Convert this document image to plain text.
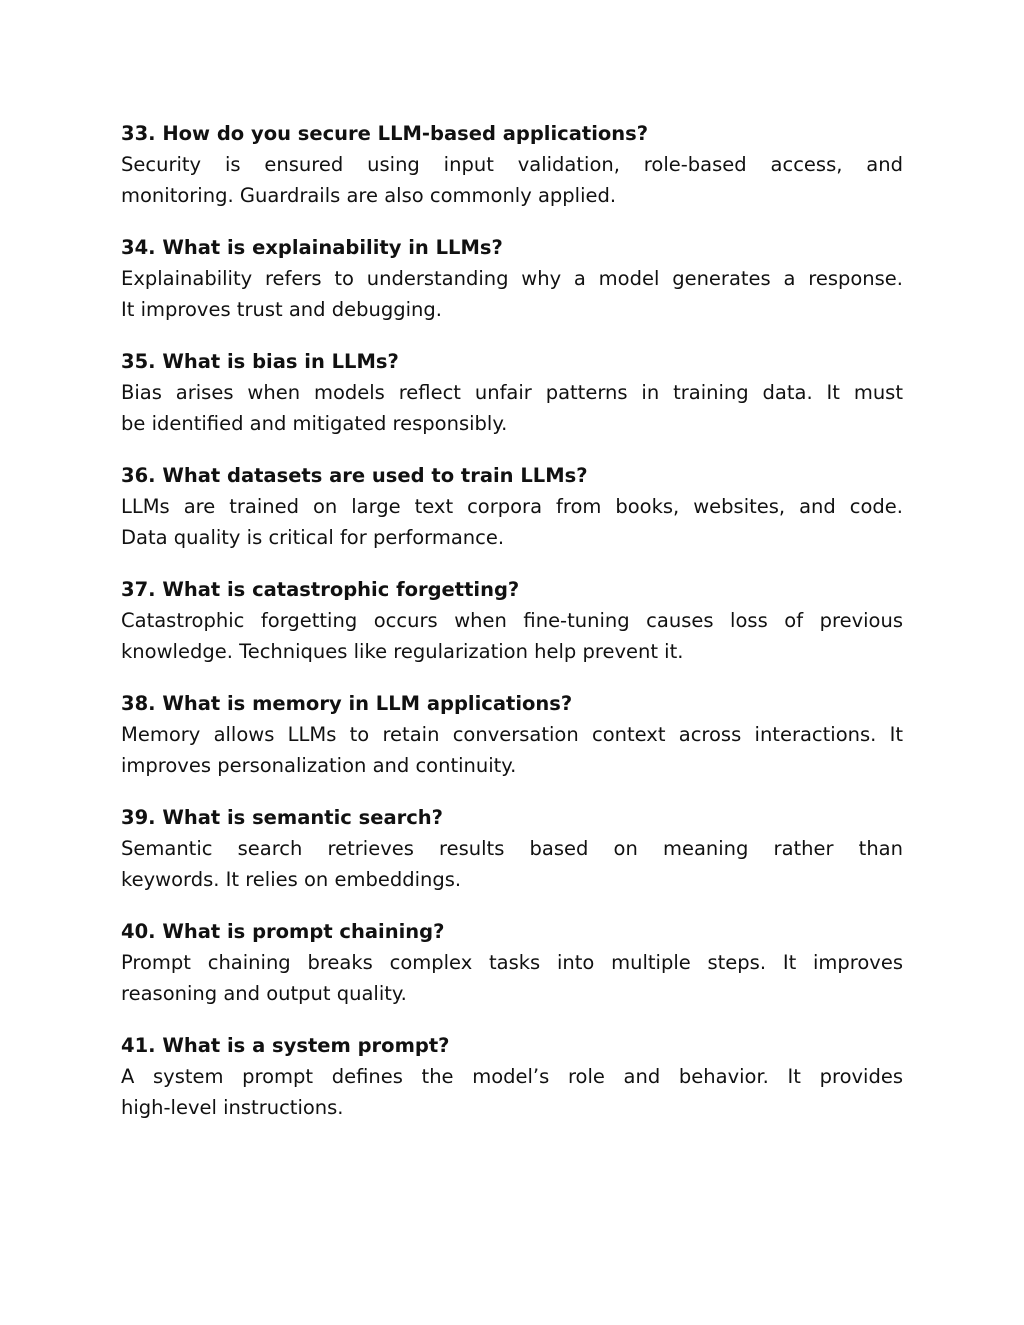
33. How do you secure LLM-based applications?
Security is ensured using input validation, role-based access, and
monitoring. Guardrails are also commonly applied.
34. What is explainability in LLMs?
Explainability refers to understanding why a model generates a response.
It improves trust and debugging.
35. What is bias in LLMs?
Bias arises when models reflect unfair patterns in training data. It must
be identified and mitigated responsibly.
36. What datasets are used to train LLMs?
LLMs are trained on large text corpora from books, websites, and code.
Data quality is critical for performance.
37. What is catastrophic forgetting?
Catastrophic forgetting occurs when fine-tuning causes loss of previous
knowledge. Techniques like regularization help prevent it.
38. What is memory in LLM applications?
Memory allows LLMs to retain conversation context across interactions. It
improves personalization and continuity.
39. What is semantic search?
Semantic search retrieves results based on meaning rather than
keywords. It relies on embeddings.
40. What is prompt chaining?
Prompt chaining breaks complex tasks into multiple steps. It improves
reasoning and output quality.
41. What is a system prompt?
A system prompt defines the model’s role and behavior. It provides
high-level instructions.
